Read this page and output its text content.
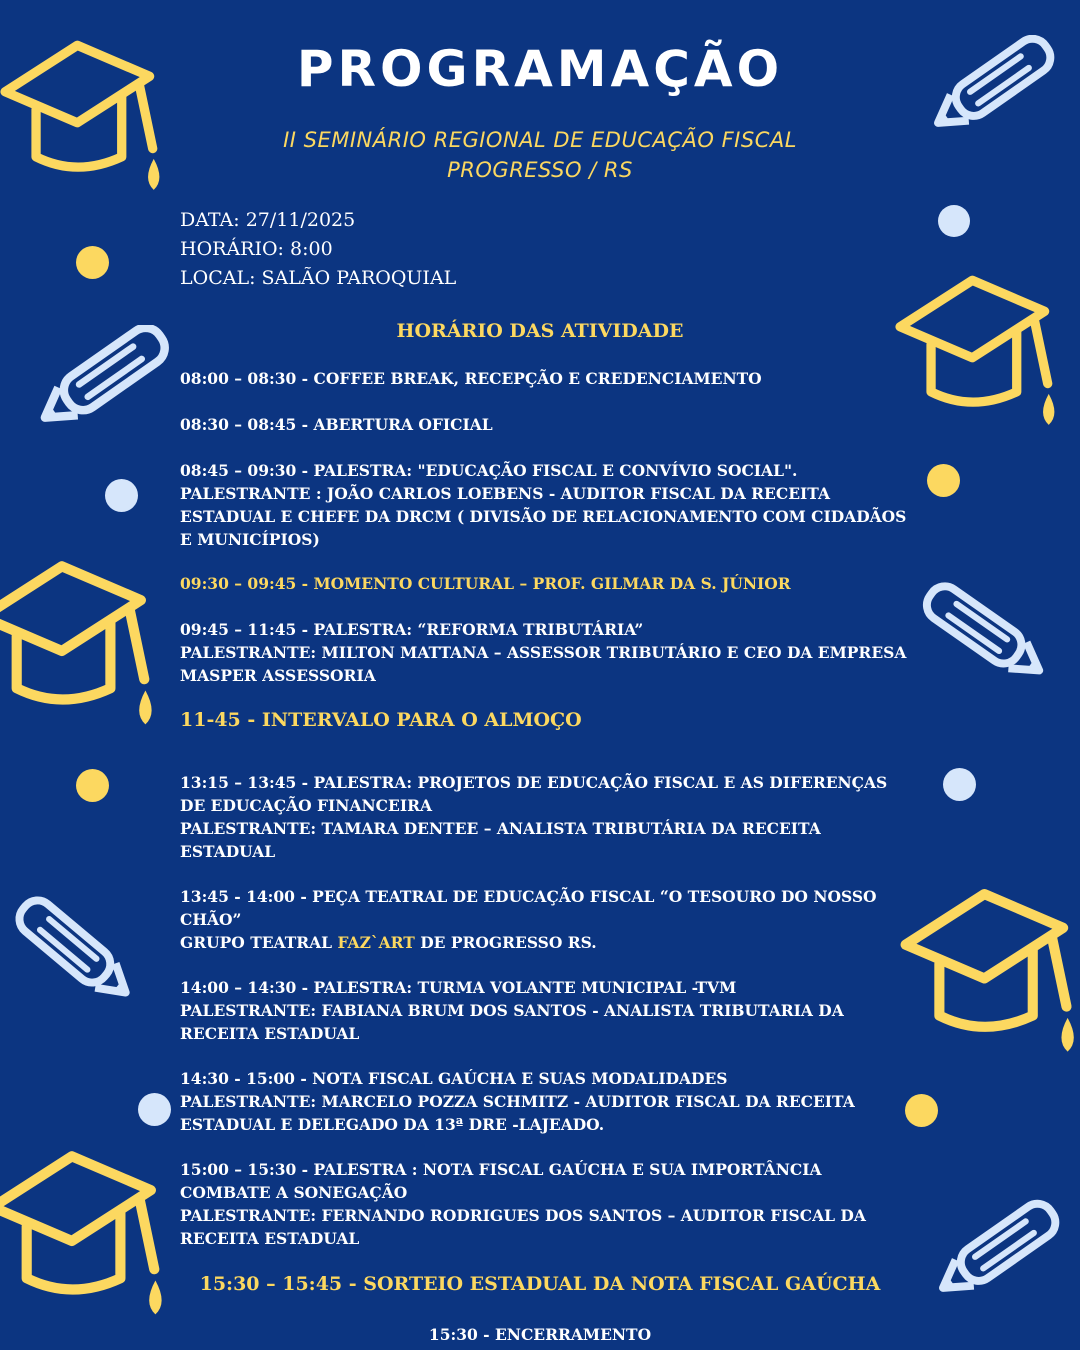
PROGRAMAÇÃO
II SEMINÁRIO REGIONAL DE EDUCAÇÃO FISCAL
PROGRESSO / RS
DATA: 27/11/2025
HORÁRIO: 8:00
LOCAL: SALÃO PAROQUIAL
HORÁRIO DAS ATIVIDADE
08:00 – 08:30 - COFFEE BREAK, RECEPÇÃO E CREDENCIAMENTO
08:30 – 08:45 - ABERTURA OFICIAL
08:45 – 09:30 - PALESTRA: "EDUCAÇÃO FISCAL E CONVÍVIO SOCIAL".
PALESTRANTE : JOÃO CARLOS LOEBENS - AUDITOR FISCAL DA RECEITA
ESTADUAL E CHEFE DA DRCM ( DIVISÃO DE RELACIONAMENTO COM CIDADÃOS
E MUNICÍPIOS)
09:30 – 09:45 - MOMENTO CULTURAL – PROF. GILMAR DA S. JÚNIOR
09:45 – 11:45 - PALESTRA: “REFORMA TRIBUTÁRIA”
PALESTRANTE: MILTON MATTANA – ASSESSOR TRIBUTÁRIO E CEO DA EMPRESA
MASPER ASSESSORIA
11-45 - INTERVALO PARA O ALMOÇO
13:15 – 13:45 - PALESTRA: PROJETOS DE EDUCAÇÃO FISCAL E AS DIFERENÇAS
DE EDUCAÇÃO FINANCEIRA
PALESTRANTE: TAMARA DENTEE – ANALISTA TRIBUTÁRIA DA RECEITA
ESTADUAL
13:45 - 14:00 - PEÇA TEATRAL DE EDUCAÇÃO FISCAL “O TESOURO DO NOSSO
CHÃO”
GRUPO TEATRAL FAZ`ART DE PROGRESSO RS.
14:00 – 14:30 - PALESTRA: TURMA VOLANTE MUNICIPAL -TVM
PALESTRANTE: FABIANA BRUM DOS SANTOS - ANALISTA TRIBUTARIA DA
RECEITA ESTADUAL
14:30 - 15:00 - NOTA FISCAL GAÚCHA E SUAS MODALIDADES
PALESTRANTE: MARCELO POZZA SCHMITZ - AUDITOR FISCAL DA RECEITA
ESTADUAL E DELEGADO DA 13ª DRE -LAJEADO.
15:00 – 15:30 - PALESTRA : NOTA FISCAL GAÚCHA E SUA IMPORTÂNCIA
COMBATE A SONEGAÇÃO
PALESTRANTE: FERNANDO RODRIGUES DOS SANTOS – AUDITOR FISCAL DA
RECEITA ESTADUAL
15:30 – 15:45 - SORTEIO ESTADUAL DA NOTA FISCAL GAÚCHA
15:30 - ENCERRAMENTO
